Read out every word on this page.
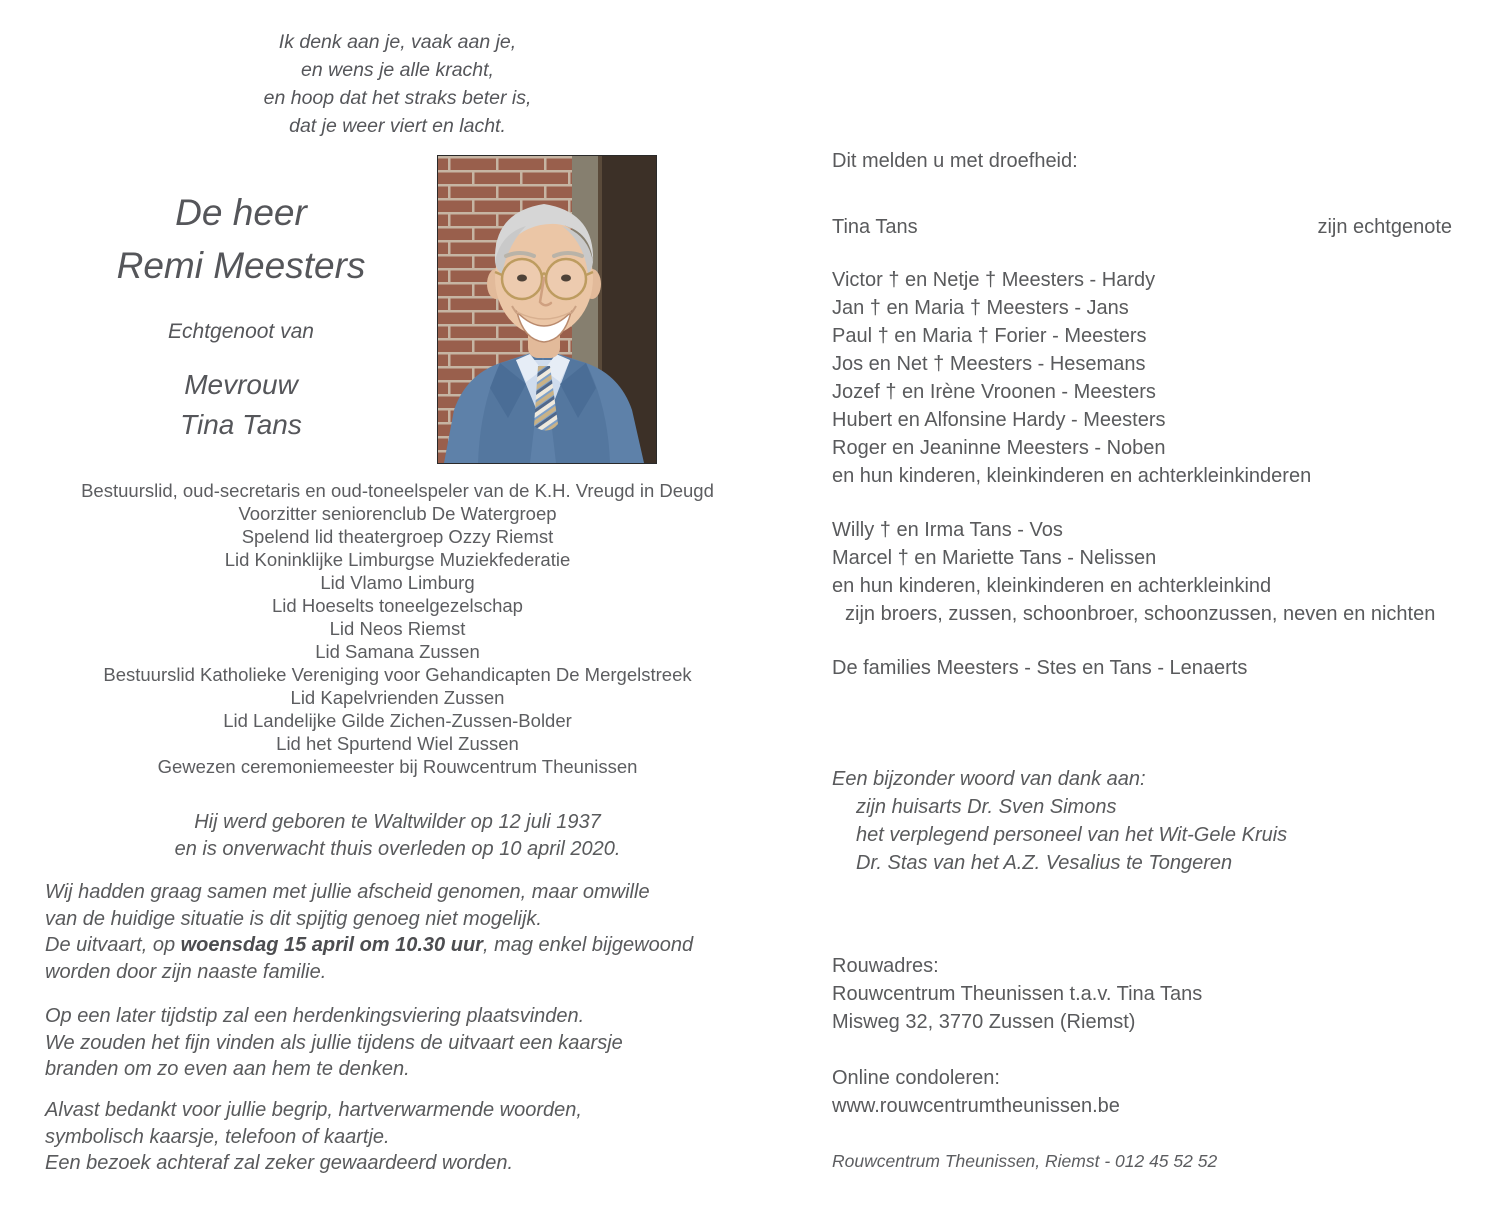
Ik denk aan je, vaak aan je,
en wens je alle kracht,
en hoop dat het straks beter is,
dat je weer viert en lacht.
De heer
Remi Meesters
Echtgenoot van
Mevrouw
Tina Tans
Bestuurslid, oud-secretaris en oud-toneelspeler van de K.H. Vreugd in Deugd
Voorzitter seniorenclub De Watergroep
Spelend lid theatergroep Ozzy Riemst
Lid Koninklijke Limburgse Muziekfederatie
Lid Vlamo Limburg
Lid Hoeselts toneelgezelschap
Lid Neos Riemst
Lid Samana Zussen
Bestuurslid Katholieke Vereniging voor Gehandicapten De Mergelstreek
Lid Kapelvrienden Zussen
Lid Landelijke Gilde Zichen-Zussen-Bolder
Lid het Spurtend Wiel Zussen
Gewezen ceremoniemeester bij Rouwcentrum Theunissen
Hij werd geboren te Waltwilder op 12 juli 1937
en is onverwacht thuis overleden op 10 april 2020.
Wij hadden graag samen met jullie afscheid genomen, maar omwille
van de huidige situatie is dit spijtig genoeg niet mogelijk.
De uitvaart, op woensdag 15 april om 10.30 uur, mag enkel bijgewoond
worden door zijn naaste familie.
Op een later tijdstip zal een herdenkingsviering plaatsvinden.
We zouden het fijn vinden als jullie tijdens de uitvaart een kaarsje
branden om zo even aan hem te denken.
Alvast bedankt voor jullie begrip, hartverwarmende woorden,
symbolisch kaarsje, telefoon of kaartje.
Een bezoek achteraf zal zeker gewaardeerd worden.
Dit melden u met droefheid:
Tina Tans	zijn echtgenote
Victor † en Netje † Meesters - Hardy
Jan † en Maria † Meesters - Jans
Paul † en Maria † Forier - Meesters
Jos en Net † Meesters - Hesemans
Jozef † en Irène Vroonen - Meesters
Hubert en Alfonsine Hardy - Meesters
Roger en Jeaninne Meesters - Noben
en hun kinderen, kleinkinderen en achterkleinkinderen
Willy † en Irma Tans - Vos
Marcel † en Mariette Tans - Nelissen
en hun kinderen, kleinkinderen en achterkleinkind
zijn broers, zussen, schoonbroer, schoonzussen, neven en nichten
De families Meesters - Stes en Tans - Lenaerts
Een bijzonder woord van dank aan:
zijn huisarts Dr. Sven Simons
het verplegend personeel van het Wit-Gele Kruis
Dr. Stas van het A.Z. Vesalius te Tongeren
Rouwadres:
Rouwcentrum Theunissen t.a.v. Tina Tans
Misweg 32, 3770 Zussen (Riemst)
Online condoleren:
www.rouwcentrumtheunissen.be
Rouwcentrum Theunissen, Riemst - 012 45 52 52
